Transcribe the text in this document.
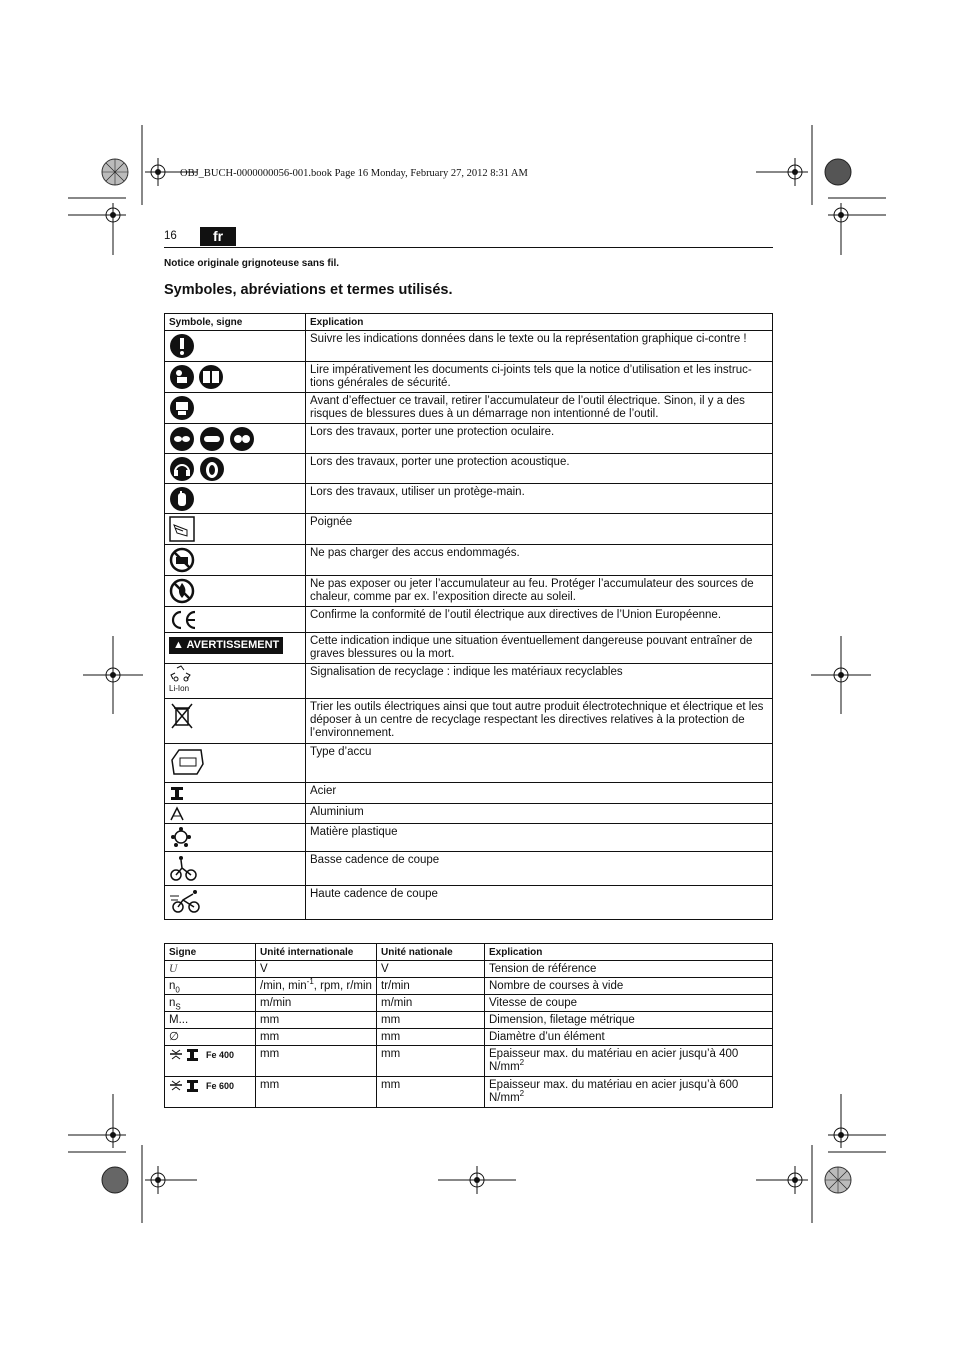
OBJ_BUCH-0000000056-001.book Page 16 Monday, February 27, 2012 8:31 AM
16	fr
Notice originale grignoteuse sans fil.
Symboles, abréviations et termes utilisés.
Symbole, signe	Explication
	Suivre les indications données dans le texte ou la représentation graphique ci-contre !
	Lire impérativement les documents ci-joints tels que la notice d’utilisation et les instruc-tions générales de sécurité.
	Avant d’effectuer ce travail, retirer l’accumulateur de l’outil électrique. Sinon, il y a des risques de blessures dues à un démarrage non intentionné de l’outil.
	Lors des travaux, porter une protection oculaire.
	Lors des travaux, porter une protection acoustique.
	Lors des travaux, utiliser un protège-main.
	Poignée
	Ne pas charger des accus endommagés.
	Ne pas exposer ou jeter l’accumulateur au feu. Protéger l’accumulateur des sources de chaleur, comme par ex. l’exposition directe au soleil.
	Confirme la conformité de l’outil électrique aux directives de l’Union Européenne.
▲ AVERTISSEMENT	Cette indication indique une situation éventuellement dangereuse pouvant entraîner de graves blessures ou la mort.

Li-Ion	Signalisation de recyclage : indique les matériaux recyclables
	Trier les outils électriques ainsi que tout autre produit électrotechnique et électrique et les déposer à un centre de recyclage respectant les directives relatives à la protection de l’environnement.
	Type d’accu
	Acier
	Aluminium
	Matière plastique
	Basse cadence de coupe
	Haute cadence de coupe
Signe	Unité internationale	Unité nationale	Explication
U	V	V	Tension de référence
$n_0$	/min, $\min^{-1}$, rpm, r/min	tr/min	Nombre de courses à vide
$n_S$	m/min	m/min	Vitesse de coupe
M...	mm	mm	Dimension, filetage métrique
∅	mm	mm	Diamètre d’un élément
Fe 400	mm	mm	Epaisseur max. du matériau en acier jusqu’à 400 $N/mm^2$
Fe 600	mm	mm	Epaisseur max. du matériau en acier jusqu’à 600 $N/mm^2$
